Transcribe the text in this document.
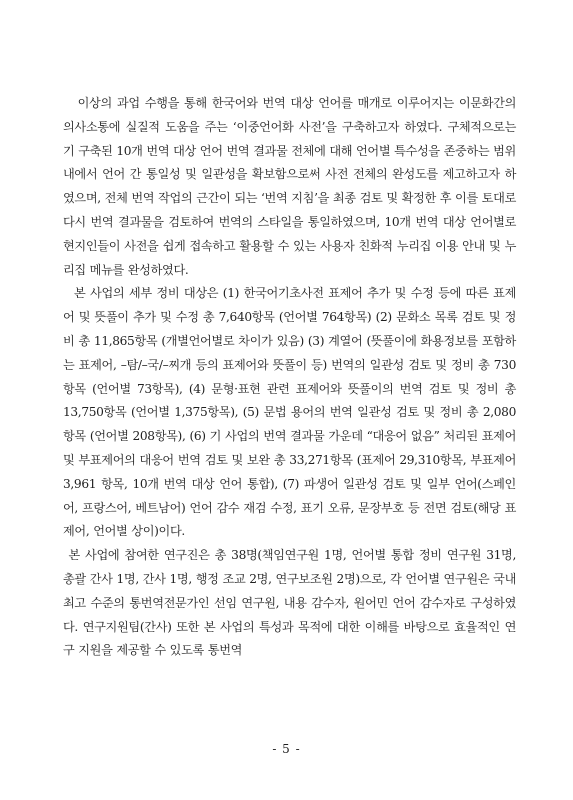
이상의 과업 수행을 통해 한국어와 번역 대상 언어를 매개로 이루어지는 이문화간의 의사소통에 실질적 도움을 주는 ‘이중언어화 사전’을 구축하고자 하였다. 구체적으로는 기 구축된 10개 번역 대상 언어 번역 결과물 전체에 대해 언어별 특수성을 존중하는 범위 내에서 언어 간 통일성 및 일관성을 확보함으로써 사전 전체의 완성도를 제고하고자 하였으며, 전체 번역 작업의 근간이 되는 ‘번역 지침’을 최종 검토 및 확정한 후 이를 토대로 다시 번역 결과물을 검토하여 번역의 스타일을 통일하였으며, 10개 번역 대상 언어별로 현지인들이 사전을 쉽게 접속하고 활용할 수 있는 사용자 친화적 누리집 이용 안내 및 누리집 메뉴를 완성하였다.

본 사업의 세부 정비 대상은 (1) 한국어기초사전 표제어 추가 및 수정 등에 따른 표제어 및 뜻풀이 추가 및 수정 총 7,640항목 (언어별 764항목) (2) 문화소 목록 검토 및 정비 총 11,865항목 (개별언어별로 차이가 있음) (3) 계열어 (뜻풀이에 화용정보를 포함하는 표제어, –탐/–국/–찌개 등의 표제어와 뜻풀이 등) 번역의 일관성 검토 및 정비 총 730항목 (언어별 73항목), (4) 문형·표현 관련 표제어와 뜻풀이의 번역 검토 및 정비 총 13,750항목 (언어별 1,375항목), (5) 문법 용어의 번역 일관성 검토 및 정비 총 2,080항목 (언어별 208항목), (6) 기 사업의 번역 결과물 가운데 “대응어 없음” 처리된 표제어 및 부표제어의 대응어 번역 검토 및 보완 총 33,271항목 (표제어 29,310항목, 부표제어 3,961 항목, 10개 번역 대상 언어 통합), (7) 파생어 일관성 검토 및 일부 언어(스페인어, 프랑스어, 베트남어) 언어 감수 재검 수정, 표기 오류, 문장부호 등 전면 검토(해당 표제어, 언어별 상이)이다.

본 사업에 참여한 연구진은 총 38명(책임연구원 1명, 언어별 통합 정비 연구원 31명, 총괄 간사 1명, 간사 1명, 행정 조교 2명, 연구보조원 2명)으로, 각 언어별 연구원은 국내 최고 수준의 통번역전문가인 선임 연구원, 내용 감수자, 원어민 언어 감수자로 구성하였다. 연구지원팀(간사) 또한 본 사업의 특성과 목적에 대한 이해를 바탕으로 효율적인 연구 지원을 제공할 수 있도록 통번역

- 5 -
